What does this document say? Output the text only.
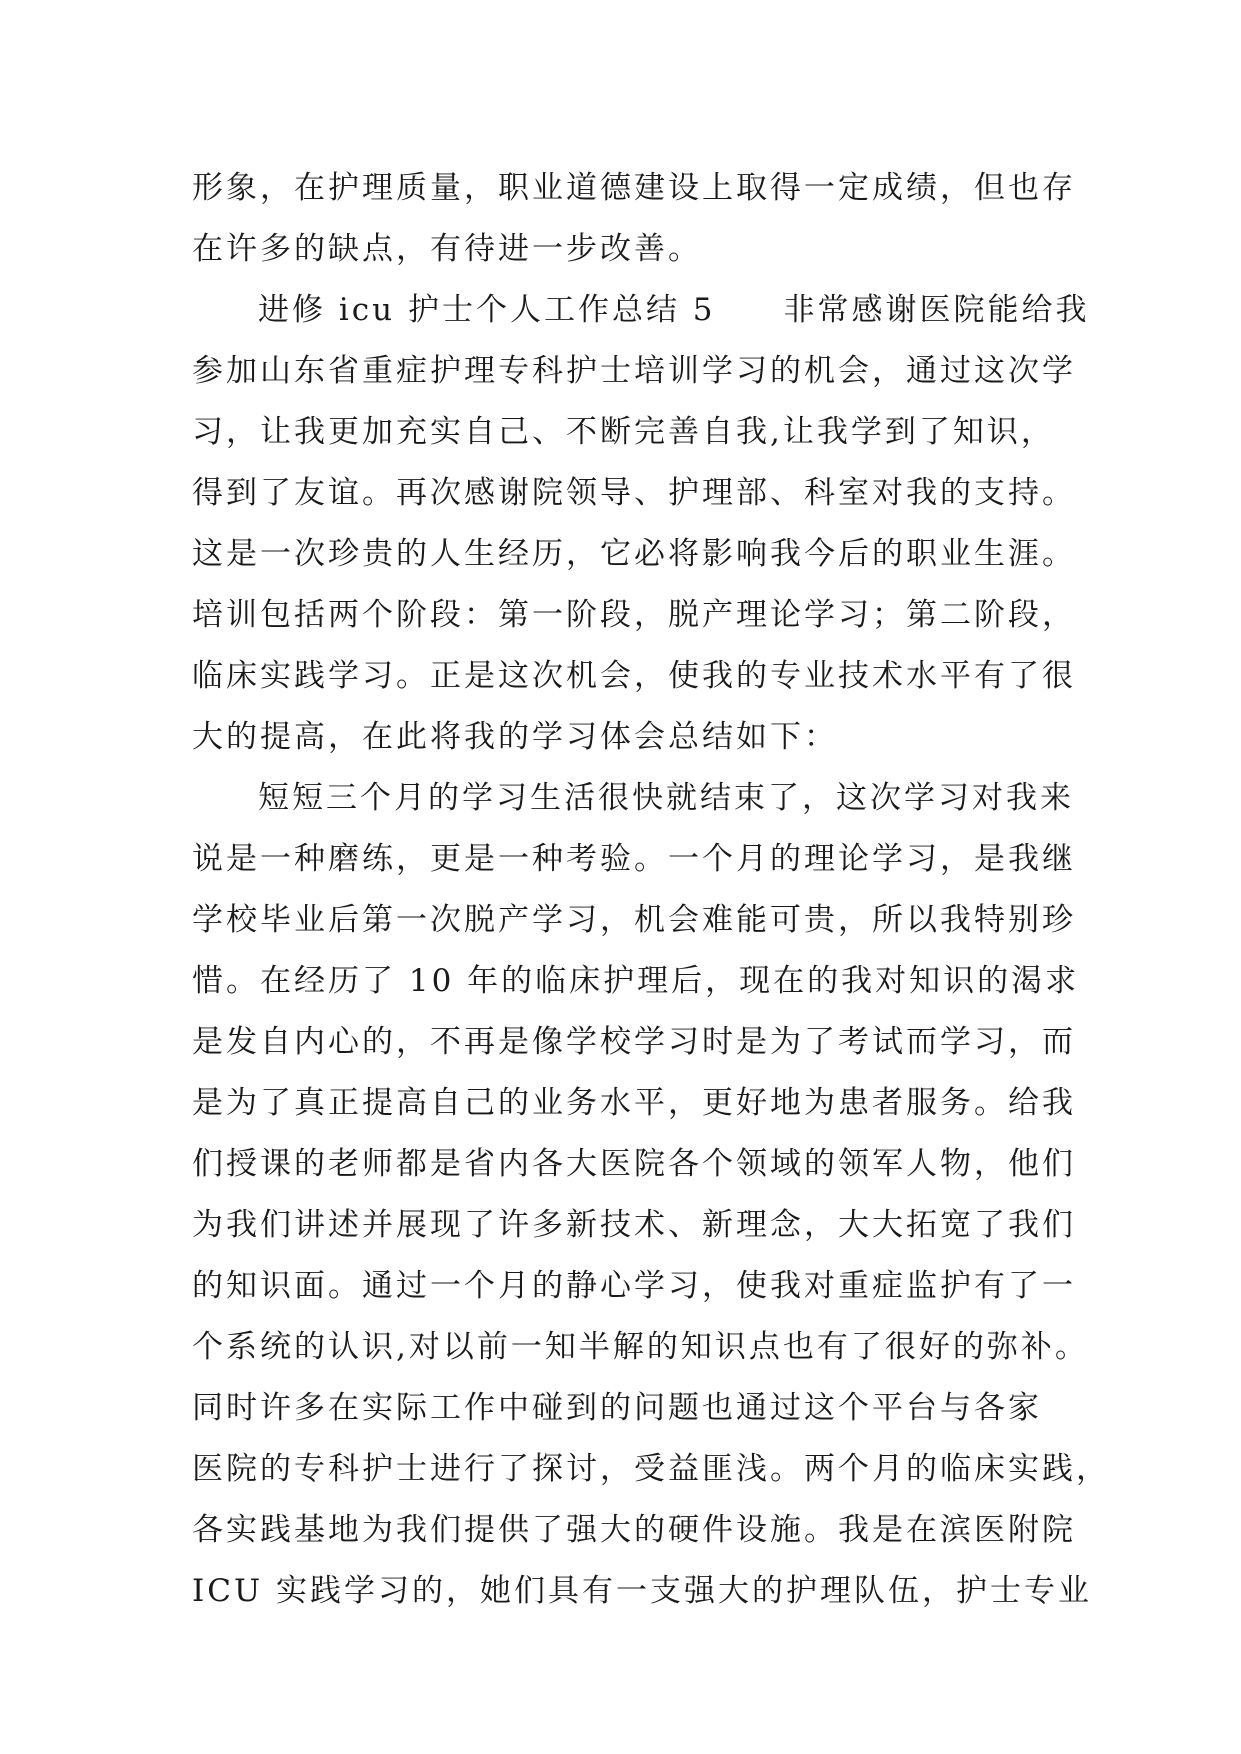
形象，在护理质量，职业道德建设上取得一定成绩，但也存
在许多的缺点，有待进一步改善。
进修 icu 护士个人工作总结 5　　非常感谢医院能给我
参加山东省重症护理专科护士培训学习的机会，通过这次学
习，让我更加充实自己、不断完善自我,让我学到了知识，
得到了友谊。再次感谢院领导、护理部、科室对我的支持。
这是一次珍贵的人生经历，它必将影响我今后的职业生涯。
培训包括两个阶段：第一阶段，脱产理论学习；第二阶段，
临床实践学习。正是这次机会，使我的专业技术水平有了很
大的提高，在此将我的学习体会总结如下：
短短三个月的学习生活很快就结束了，这次学习对我来
说是一种磨练，更是一种考验。一个月的理论学习，是我继
学校毕业后第一次脱产学习，机会难能可贵，所以我特别珍
惜。在经历了 10 年的临床护理后，现在的我对知识的渴求
是发自内心的，不再是像学校学习时是为了考试而学习，而
是为了真正提高自己的业务水平，更好地为患者服务。给我
们授课的老师都是省内各大医院各个领域的领军人物，他们
为我们讲述并展现了许多新技术、新理念，大大拓宽了我们
的知识面。通过一个月的静心学习，使我对重症监护有了一
个系统的认识,对以前一知半解的知识点也有了很好的弥补。
同时许多在实际工作中碰到的问题也通过这个平台与各家
医院的专科护士进行了探讨，受益匪浅。两个月的临床实践，
各实践基地为我们提供了强大的硬件设施。我是在滨医附院
ICU 实践学习的，她们具有一支强大的护理队伍，护士专业
